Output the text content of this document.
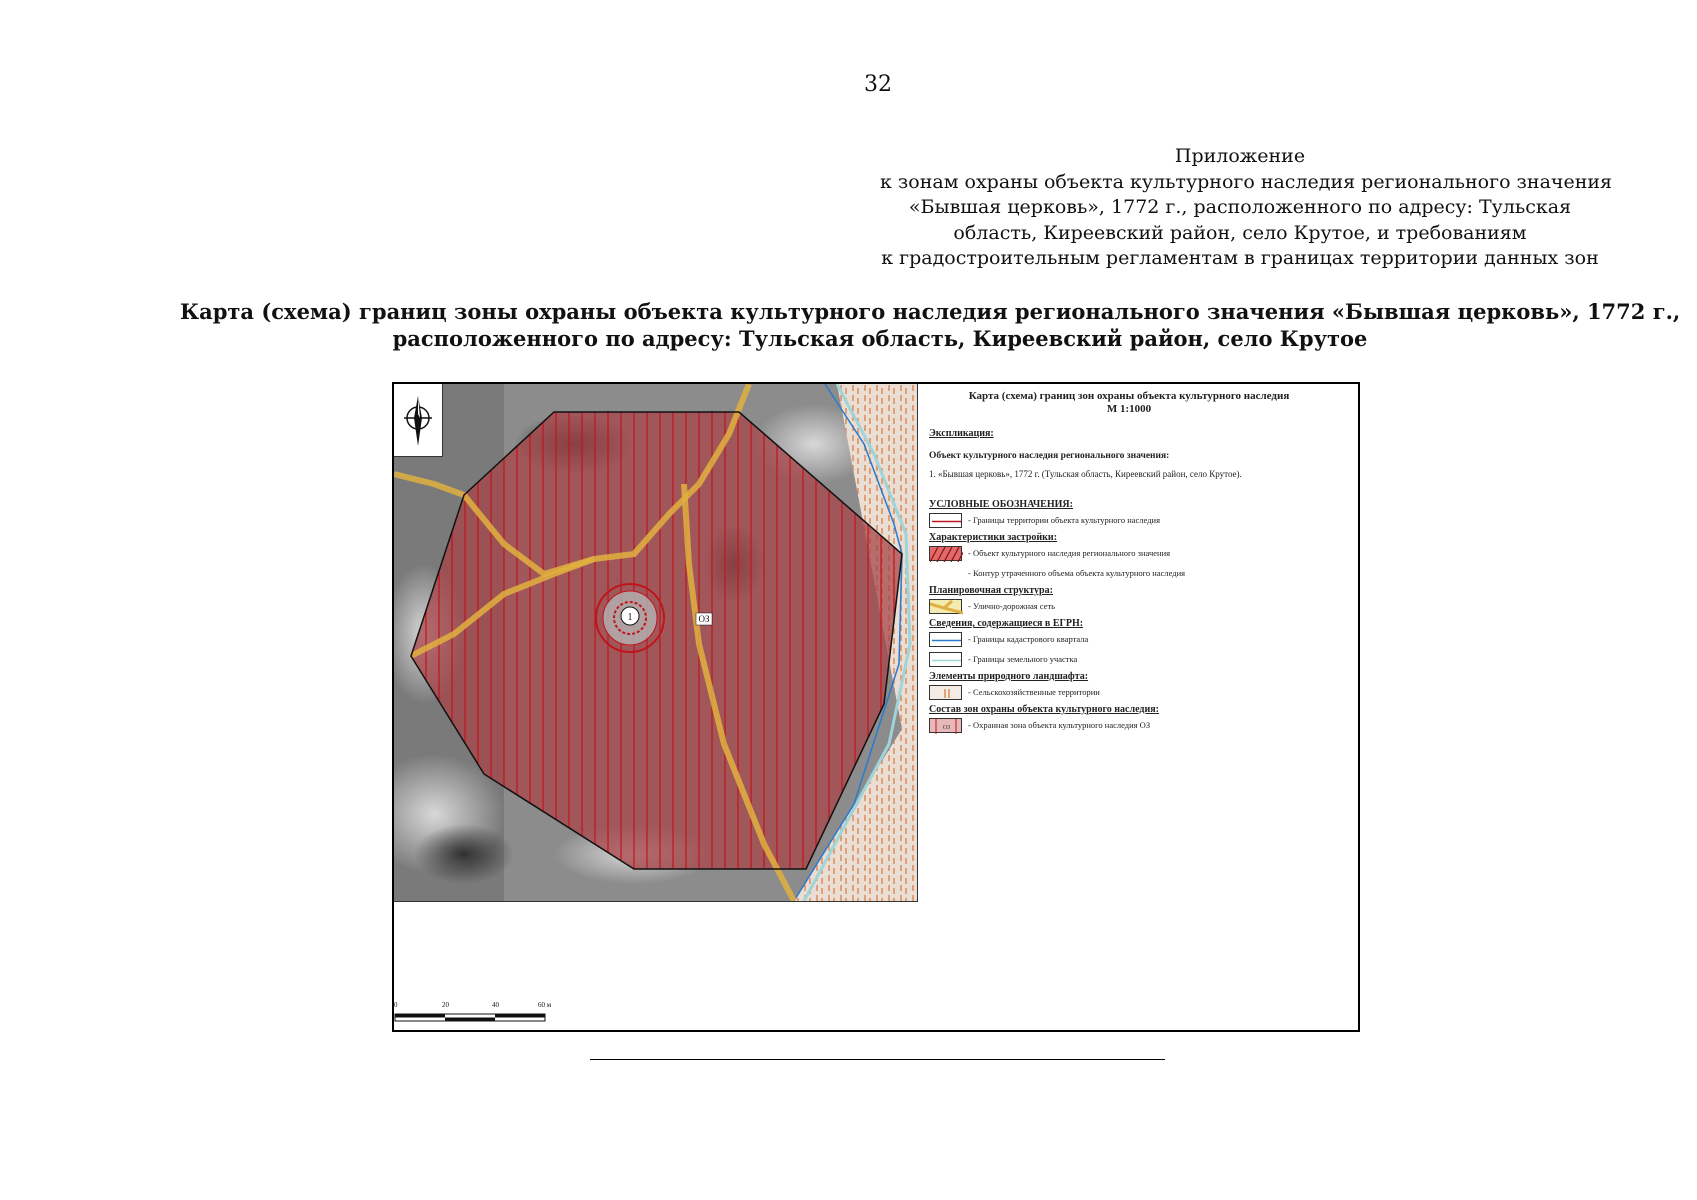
32
Приложение
к зонам охраны объекта культурного наследия регионального значения
«Бывшая церковь», 1772 г., расположенного по адресу: Тульская
область, Киреевский район, село Крутое, и требованиям
к градостроительным регламентам в границах территории данных зон
Карта (схема) границ зоны охраны объекта культурного наследия регионального значения «Бывшая церковь», 1772 г.,
расположенного по адресу: Тульская область, Киреевский район, село Крутое
1	ОЗ
0	20	40	60 м
Карта (схема) границ зон охраны объекта культурного наследия
М 1:1000
Экспликация:
Объект культурного наследия регионального значения:
1. «Бывшая церковь», 1772 г. (Тульская область, Киреевский район, село Крутое).
УСЛОВНЫЕ ОБОЗНАЧЕНИЯ:
- Границы территории объекта культурного наследия
Характеристики застройки:
- Объект культурного наследия регионального значения
- Контур утраченного объема объекта культурного наследия
Планировочная структура:
- Улично-дорожная сеть
Сведения, содержащиеся в ЕГРН:
- Границы кадастрового квартала
- Границы земельного участка
Элементы природного ландшафта:
- Сельскохозяйственные территории
Состав зон охраны объекта культурного наследия:
ОЗ - Охранная зона объекта культурного наследия ОЗ
